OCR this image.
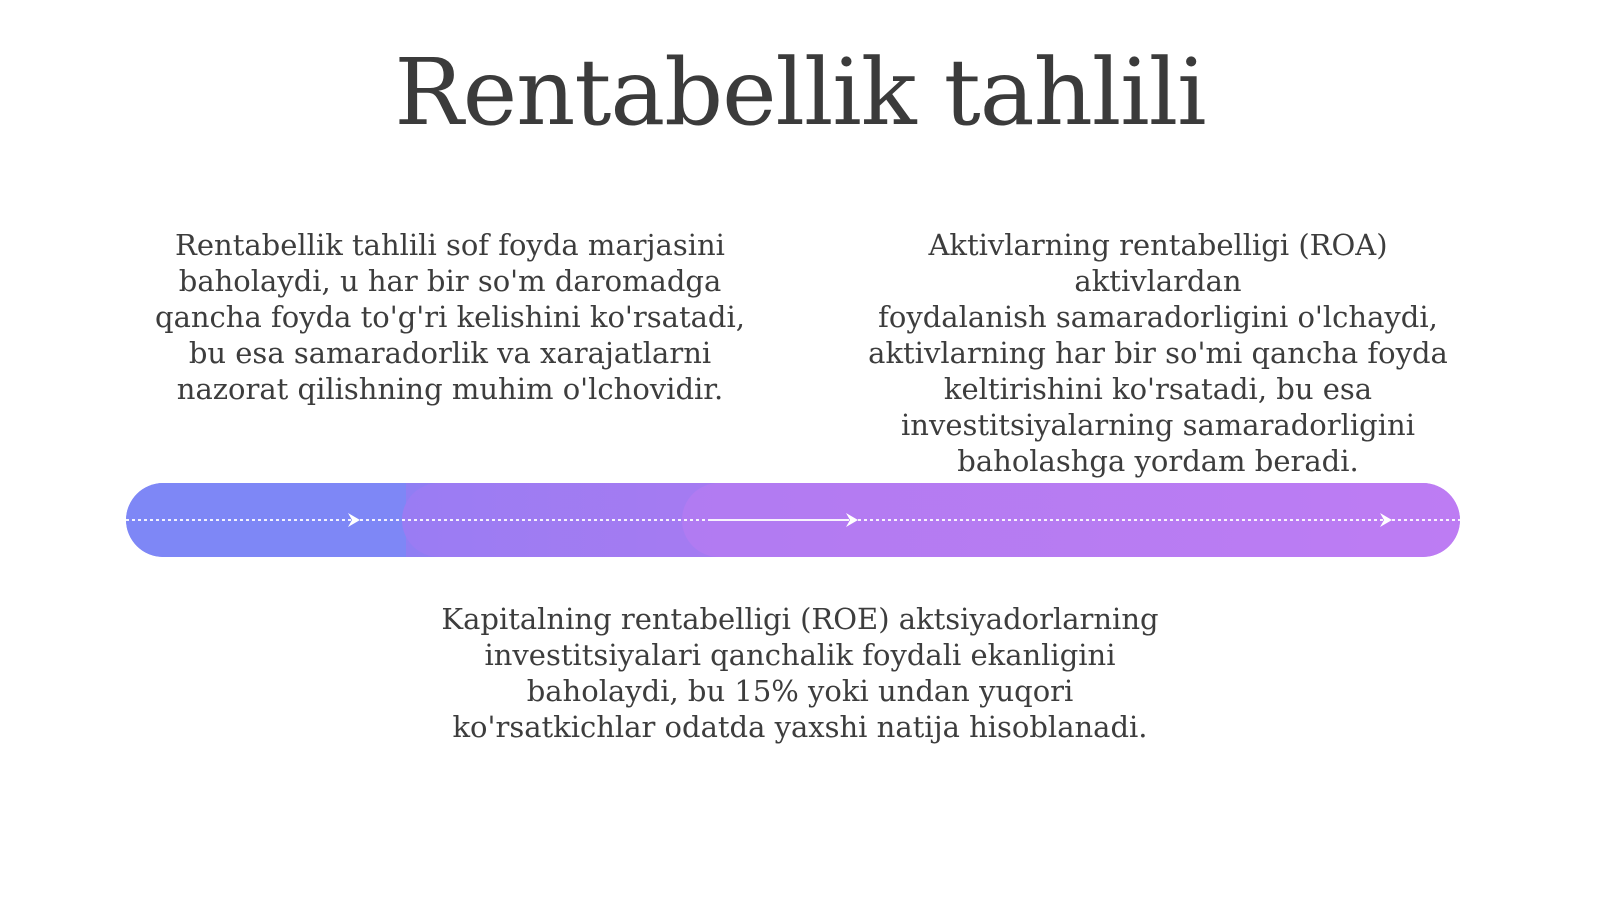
Rentabellik tahlili
Rentabellik tahlili sof foyda marjasini
baholaydi, u har bir so'm daromadga
qancha foyda to'g'ri kelishini ko'rsatadi,
bu esa samaradorlik va xarajatlarni
nazorat qilishning muhim o'lchovidir.
Aktivlarning rentabelligi (ROA) aktivlardan
foydalanish samaradorligini o'lchaydi,
aktivlarning har bir so'mi qancha foyda
keltirishini ko'rsatadi, bu esa
investitsiyalarning samaradorligini
baholashga yordam beradi.
Kapitalning rentabelligi (ROE) aktsiyadorlarning
investitsiyalari qanchalik foydali ekanligini
baholaydi, bu 15% yoki undan yuqori
ko'rsatkichlar odatda yaxshi natija hisoblanadi.
